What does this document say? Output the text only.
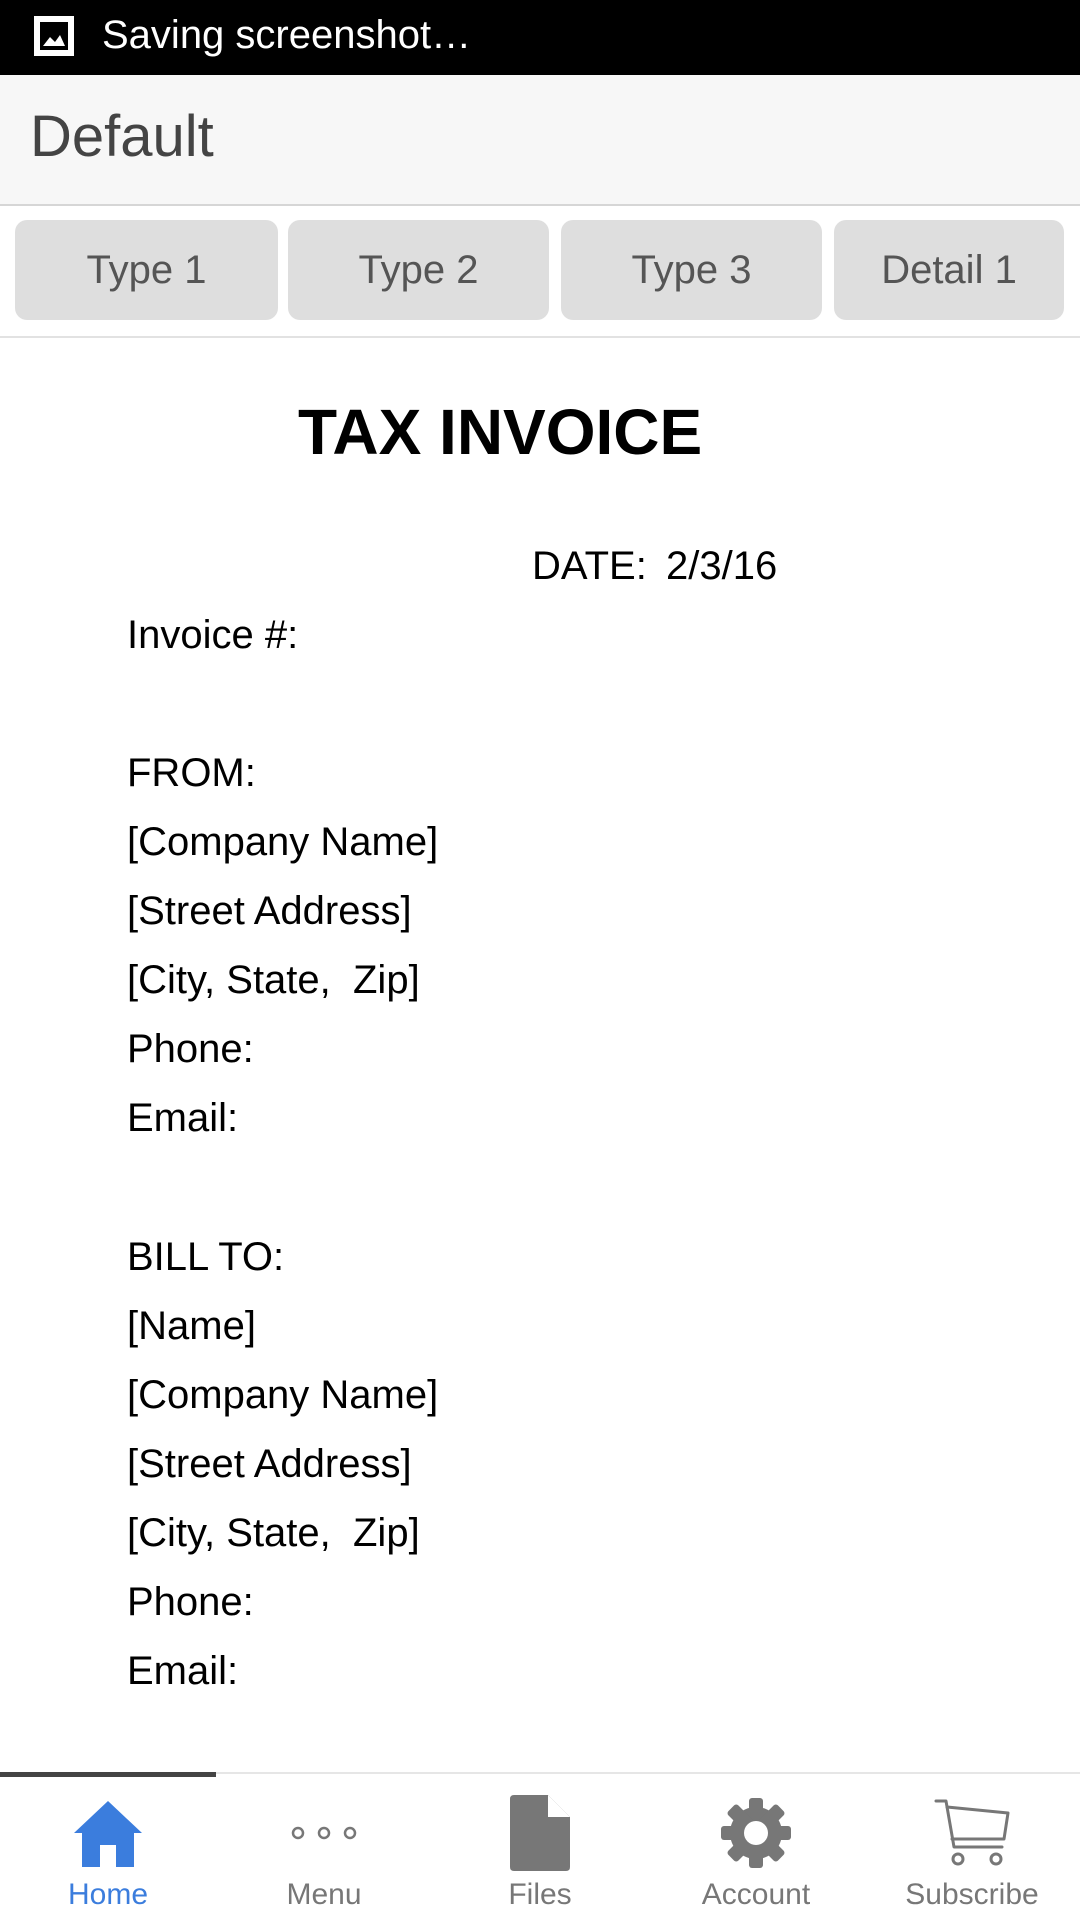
Saving screenshot…
Default
Type 1	Type 2	Type 3	Detail 1
TAX INVOICE
DATE: 2/3/16
Invoice #:
FROM:
[Company Name]
[Street Address]
[City, State,  Zip]
Phone:
Email:
BILL TO:
[Name]
[Company Name]
[Street Address]
[City, State,  Zip]
Phone:
Email:
Home	Menu	Files	Account	Subscribe
